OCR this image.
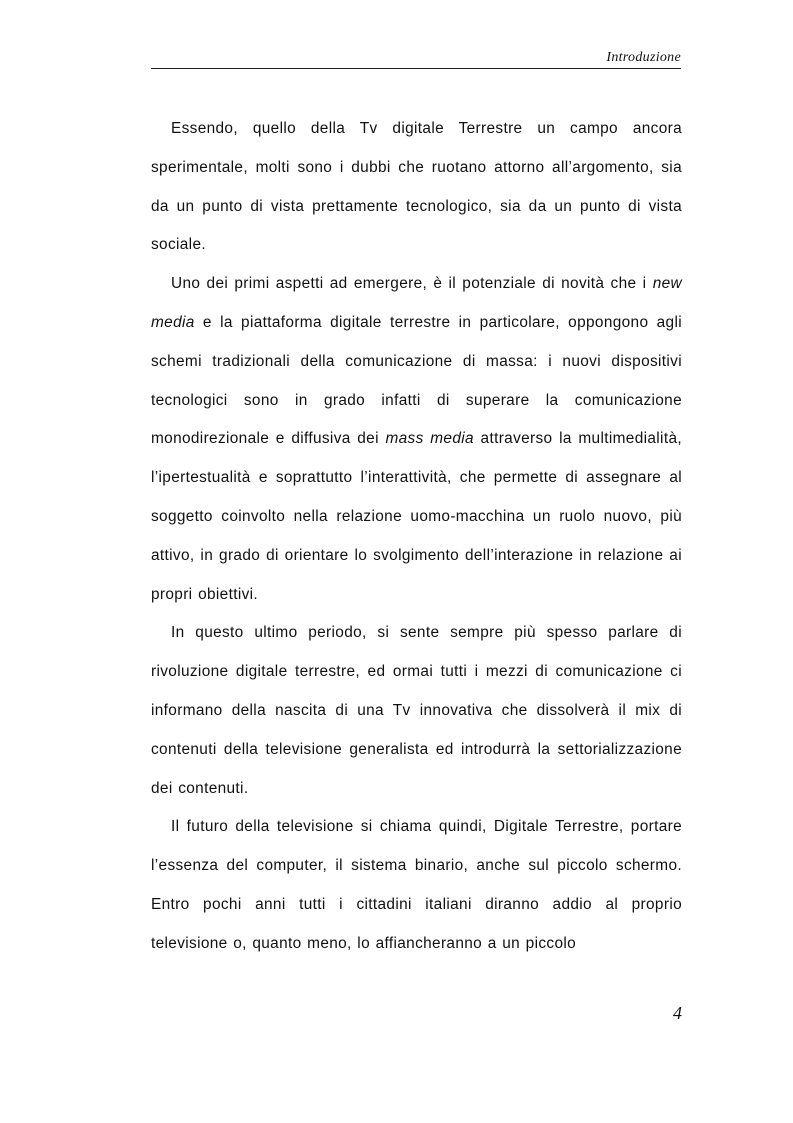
Introduzione

Essendo, quello della Tv digitale Terrestre un campo ancora sperimentale, molti sono i dubbi che ruotano attorno all’argomento, sia da un punto di vista prettamente tecnologico, sia da un punto di vista sociale.

Uno dei primi aspetti ad emergere, è il potenziale di novità che i new media e la piattaforma digitale terrestre in particolare, oppongono agli schemi tradizionali della comunicazione di massa: i nuovi dispositivi tecnologici sono in grado infatti di superare la comunicazione monodirezionale e diffusiva dei mass media attraverso la multimedialità, l’ipertestualità e soprattutto l’interattività, che permette di assegnare al soggetto coinvolto nella relazione uomo-macchina un ruolo nuovo, più attivo, in grado di orientare lo svolgimento dell’interazione in relazione ai propri obiettivi.

In questo ultimo periodo, si sente sempre più spesso parlare di rivoluzione digitale terrestre, ed ormai tutti i mezzi di comunicazione ci informano della nascita di una Tv innovativa che dissolverà il mix di contenuti della televisione generalista ed introdurrà la settorializzazione dei contenuti.

Il futuro della televisione si chiama quindi, Digitale Terrestre, portare l’essenza del computer, il sistema binario, anche sul piccolo schermo. Entro pochi anni tutti i cittadini italiani diranno addio al proprio televisione o, quanto meno, lo affiancheranno a un piccolo

4
